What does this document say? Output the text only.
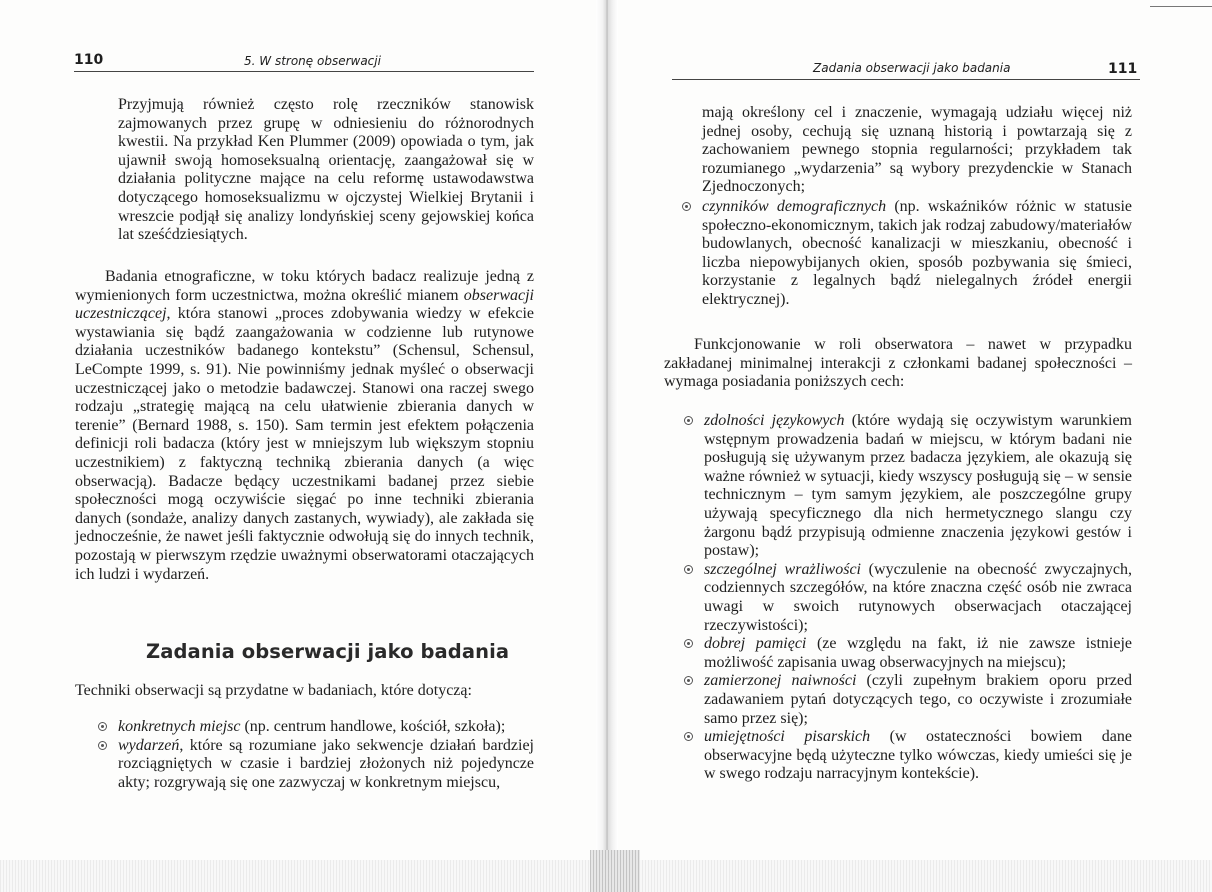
110	5. W stronę obserwacji

Przyjmują również często rolę rzeczników stanowisk zajmowanych przez grupę w odniesieniu do różnorodnych kwestii. Na przykład Ken Plummer (2009) opowiada o tym, jak ujawnił swoją homoseksualną orientację, zaangażował się w działania polityczne mające na celu reformę ustawodawstwa dotyczącego homoseksualizmu w ojczystej Wielkiej Brytanii i wreszcie podjął się analizy londyńskiej sceny gejowskiej końca lat sześćdziesiątych.

Badania etnograficzne, w toku których badacz realizuje jedną z wymienionych form uczestnictwa, można określić mianem obserwacji uczestniczącej, która stanowi „proces zdobywania wiedzy w efekcie wystawiania się bądź zaangażowania w codzienne lub rutynowe działania uczestników badanego kontekstu” (Schensul, Schensul, LeCompte 1999, s. 91). Nie powinniśmy jednak myśleć o obserwacji uczestniczącej jako o metodzie badawczej. Stanowi ona raczej swego rodzaju „strategię mającą na celu ułatwienie zbierania danych w terenie” (Bernard 1988, s. 150). Sam termin jest efektem połączenia definicji roli badacza (który jest w mniejszym lub większym stopniu uczestnikiem) z faktyczną techniką zbierania danych (a więc obserwacją). Badacze będący uczestnikami badanej przez siebie społeczności mogą oczywiście sięgać po inne techniki zbierania danych (sondaże, analizy danych zastanych, wywiady), ale zakłada się jednocześnie, że nawet jeśli faktycznie odwołują się do innych technik, pozostają w pierwszym rzędzie uważnymi obserwatorami otaczających ich ludzi i wydarzeń.

Zadania obserwacji jako badania

Techniki obserwacji są przydatne w badaniach, które dotyczą:

konkretnych miejsc (np. centrum handlowe, kościół, szkoła);
wydarzeń, które są rozumiane jako sekwencje działań bardziej rozciągniętych w czasie i bardziej złożonych niż pojedyncze akty; rozgrywają się one zazwyczaj w konkretnym miejscu,
Zadania obserwacji jako badania	111

mają określony cel i znaczenie, wymagają udziału więcej niż jednej osoby, cechują się uznaną historią i powtarzają się z zachowaniem pewnego stopnia regularności; przykładem tak rozumianego „wydarzenia” są wybory prezydenckie w Stanach Zjednoczonych;

czynników demograficznych (np. wskaźników różnic w statusie społeczno-ekonomicznym, takich jak rodzaj zabudowy/materiałów budowlanych, obecność kanalizacji w mieszkaniu, obecność i liczba niepowybijanych okien, sposób pozbywania się śmieci, korzystanie z legalnych bądź nielegalnych źródeł energii elektrycznej).

Funkcjonowanie w roli obserwatora – nawet w przypadku zakładanej minimalnej interakcji z członkami badanej społeczności – wymaga posiadania poniższych cech:

zdolności językowych (które wydają się oczywistym warunkiem wstępnym prowadzenia badań w miejscu, w którym badani nie posługują się używanym przez badacza językiem, ale okazują się ważne również w sytuacji, kiedy wszyscy posługują się – w sensie technicznym – tym samym językiem, ale poszczególne grupy używają specyficznego dla nich hermetycznego slangu czy żargonu bądź przypisują odmienne znaczenia językowi gestów i postaw);
szczególnej wrażliwości (wyczulenie na obecność zwyczajnych, codziennych szczegółów, na które znaczna część osób nie zwraca uwagi w swoich rutynowych obserwacjach otaczającej rzeczywistości);
dobrej pamięci (ze względu na fakt, iż nie zawsze istnieje możliwość zapisania uwag obserwacyjnych na miejscu);
zamierzonej naiwności (czyli zupełnym brakiem oporu przed zadawaniem pytań dotyczących tego, co oczywiste i zrozumiałe samo przez się);
umiejętności pisarskich (w ostateczności bowiem dane obserwacyjne będą użyteczne tylko wówczas, kiedy umieści się je w swego rodzaju narracyjnym kontekście).
